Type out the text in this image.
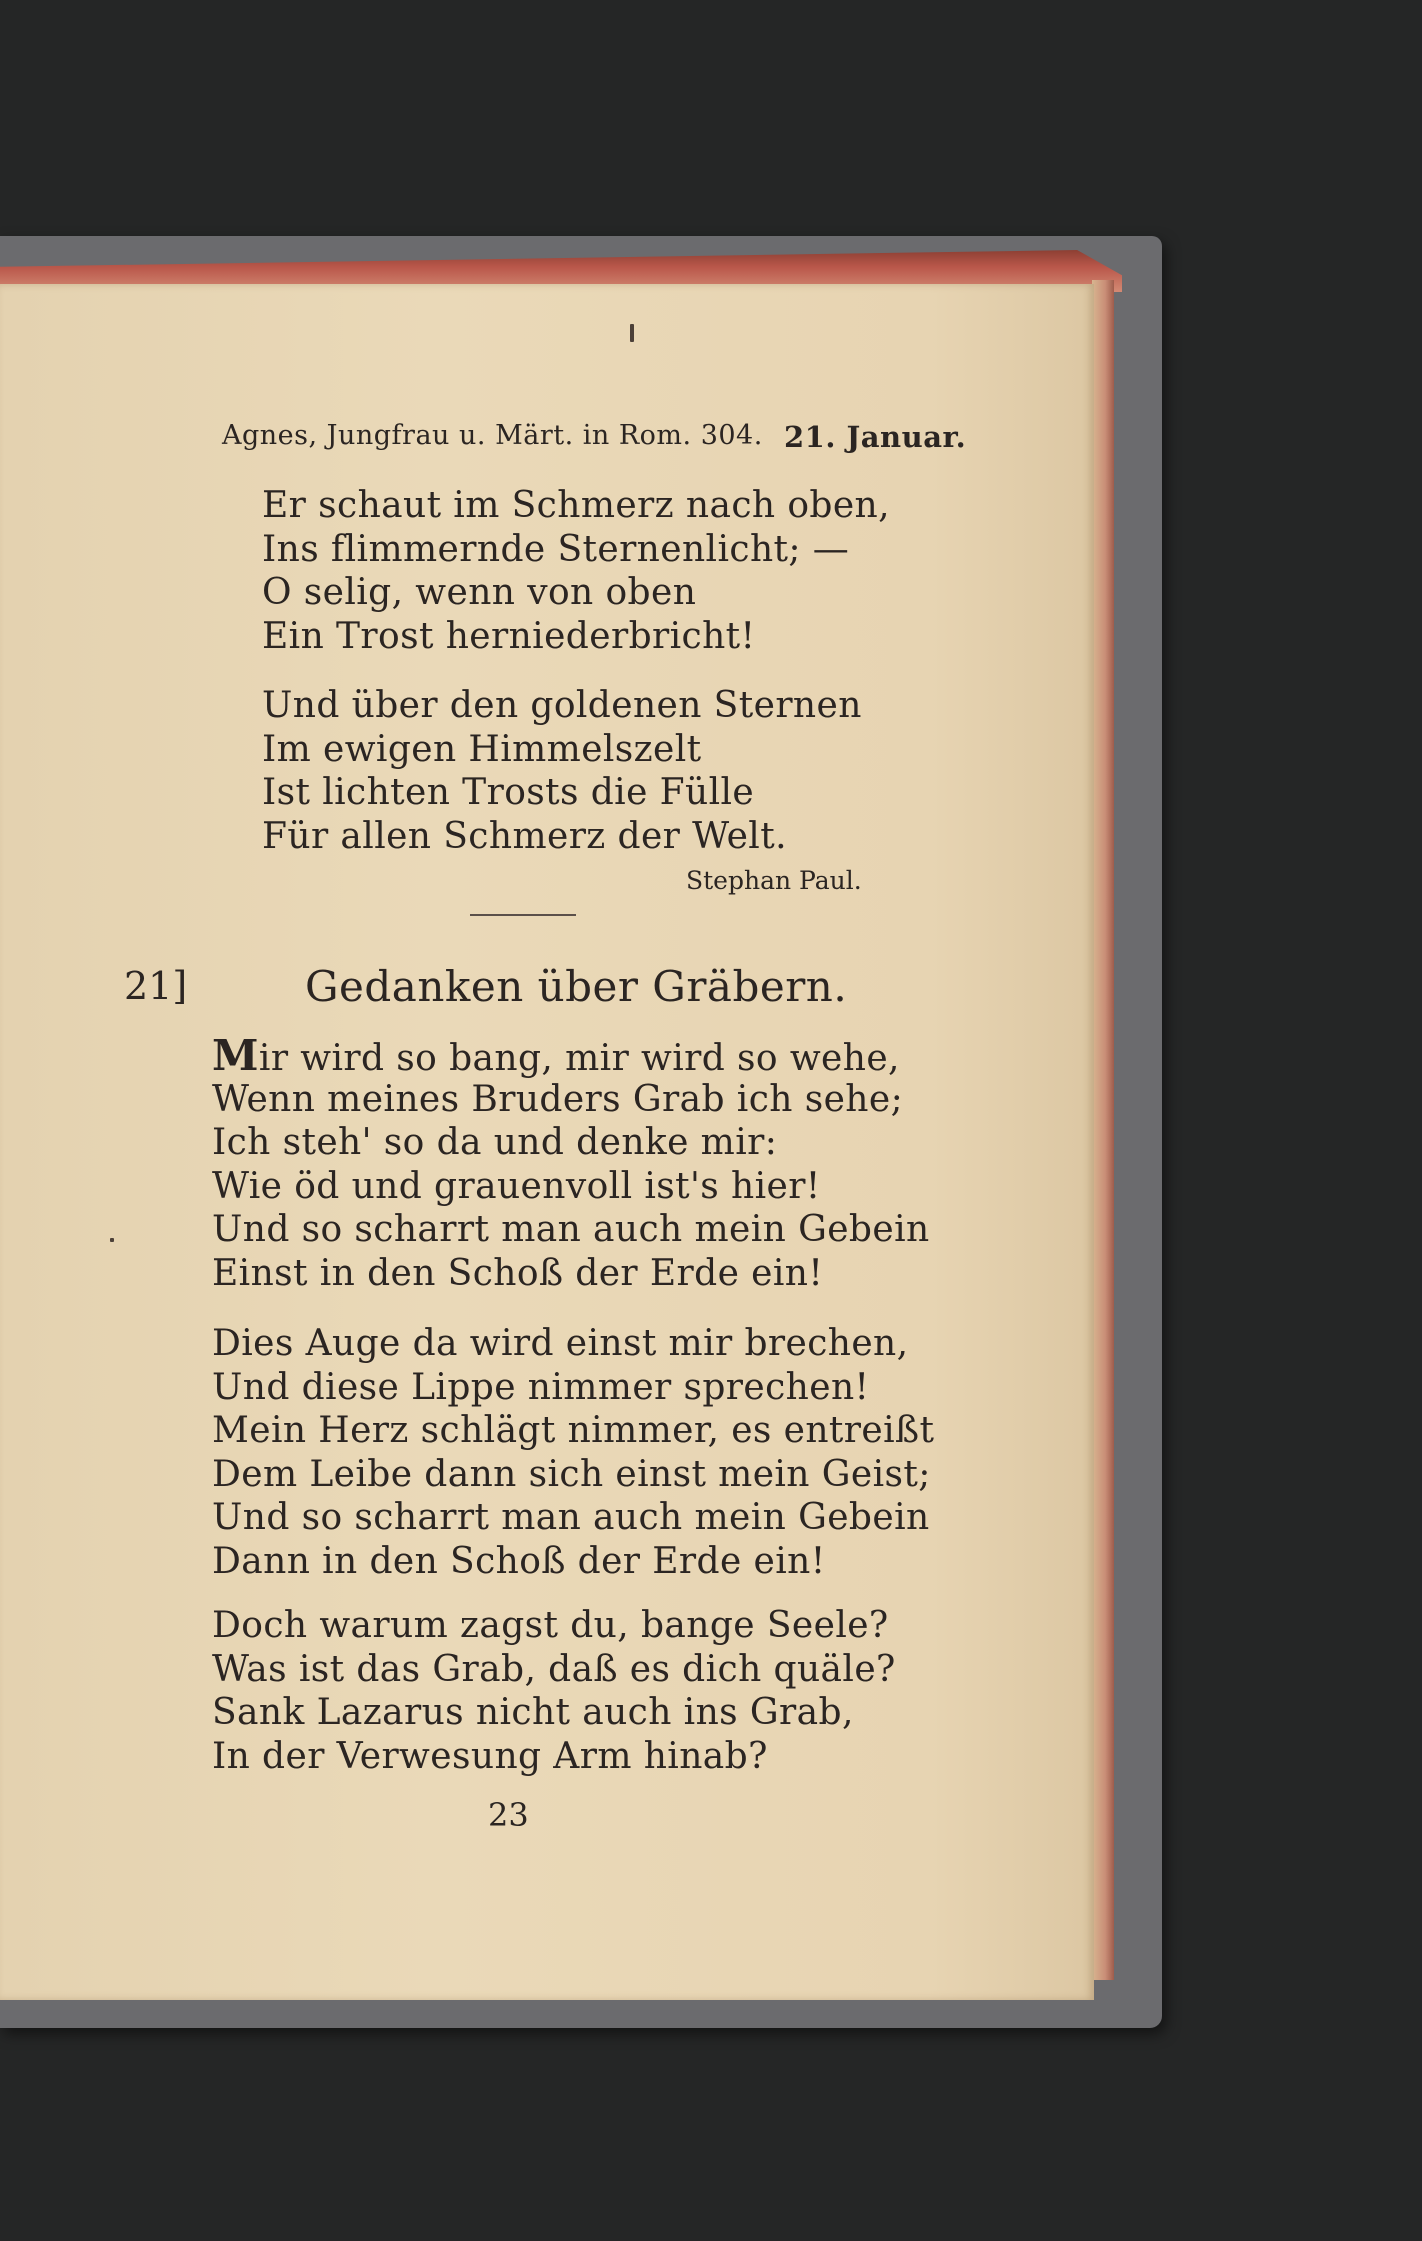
Agnes, Jungfrau u. Märt. in Rom. 304. 21. Januar.

Er schaut im Schmerz nach oben,
Ins flimmernde Sternenlicht; —
O selig, wenn von oben
Ein Trost herniederbricht!
Und über den goldenen Sternen
Im ewigen Himmelszelt
Ist lichten Trosts die Fülle
Für allen Schmerz der Welt.

Stephan Paul.

21]	Gedanken über Gräbern.

Mir wird so bang, mir wird so wehe,
Wenn meines Bruders Grab ich sehe;
Ich steh' so da und denke mir:
Wie öd und grauenvoll ist's hier!
Und so scharrt man auch mein Gebein
Einst in den Schoß der Erde ein!
Dies Auge da wird einst mir brechen,
Und diese Lippe nimmer sprechen!
Mein Herz schlägt nimmer, es entreißt
Dem Leibe dann sich einst mein Geist;
Und so scharrt man auch mein Gebein
Dann in den Schoß der Erde ein!
Doch warum zagst du, bange Seele?
Was ist das Grab, daß es dich quäle?
Sank Lazarus nicht auch ins Grab,
In der Verwesung Arm hinab?

23
